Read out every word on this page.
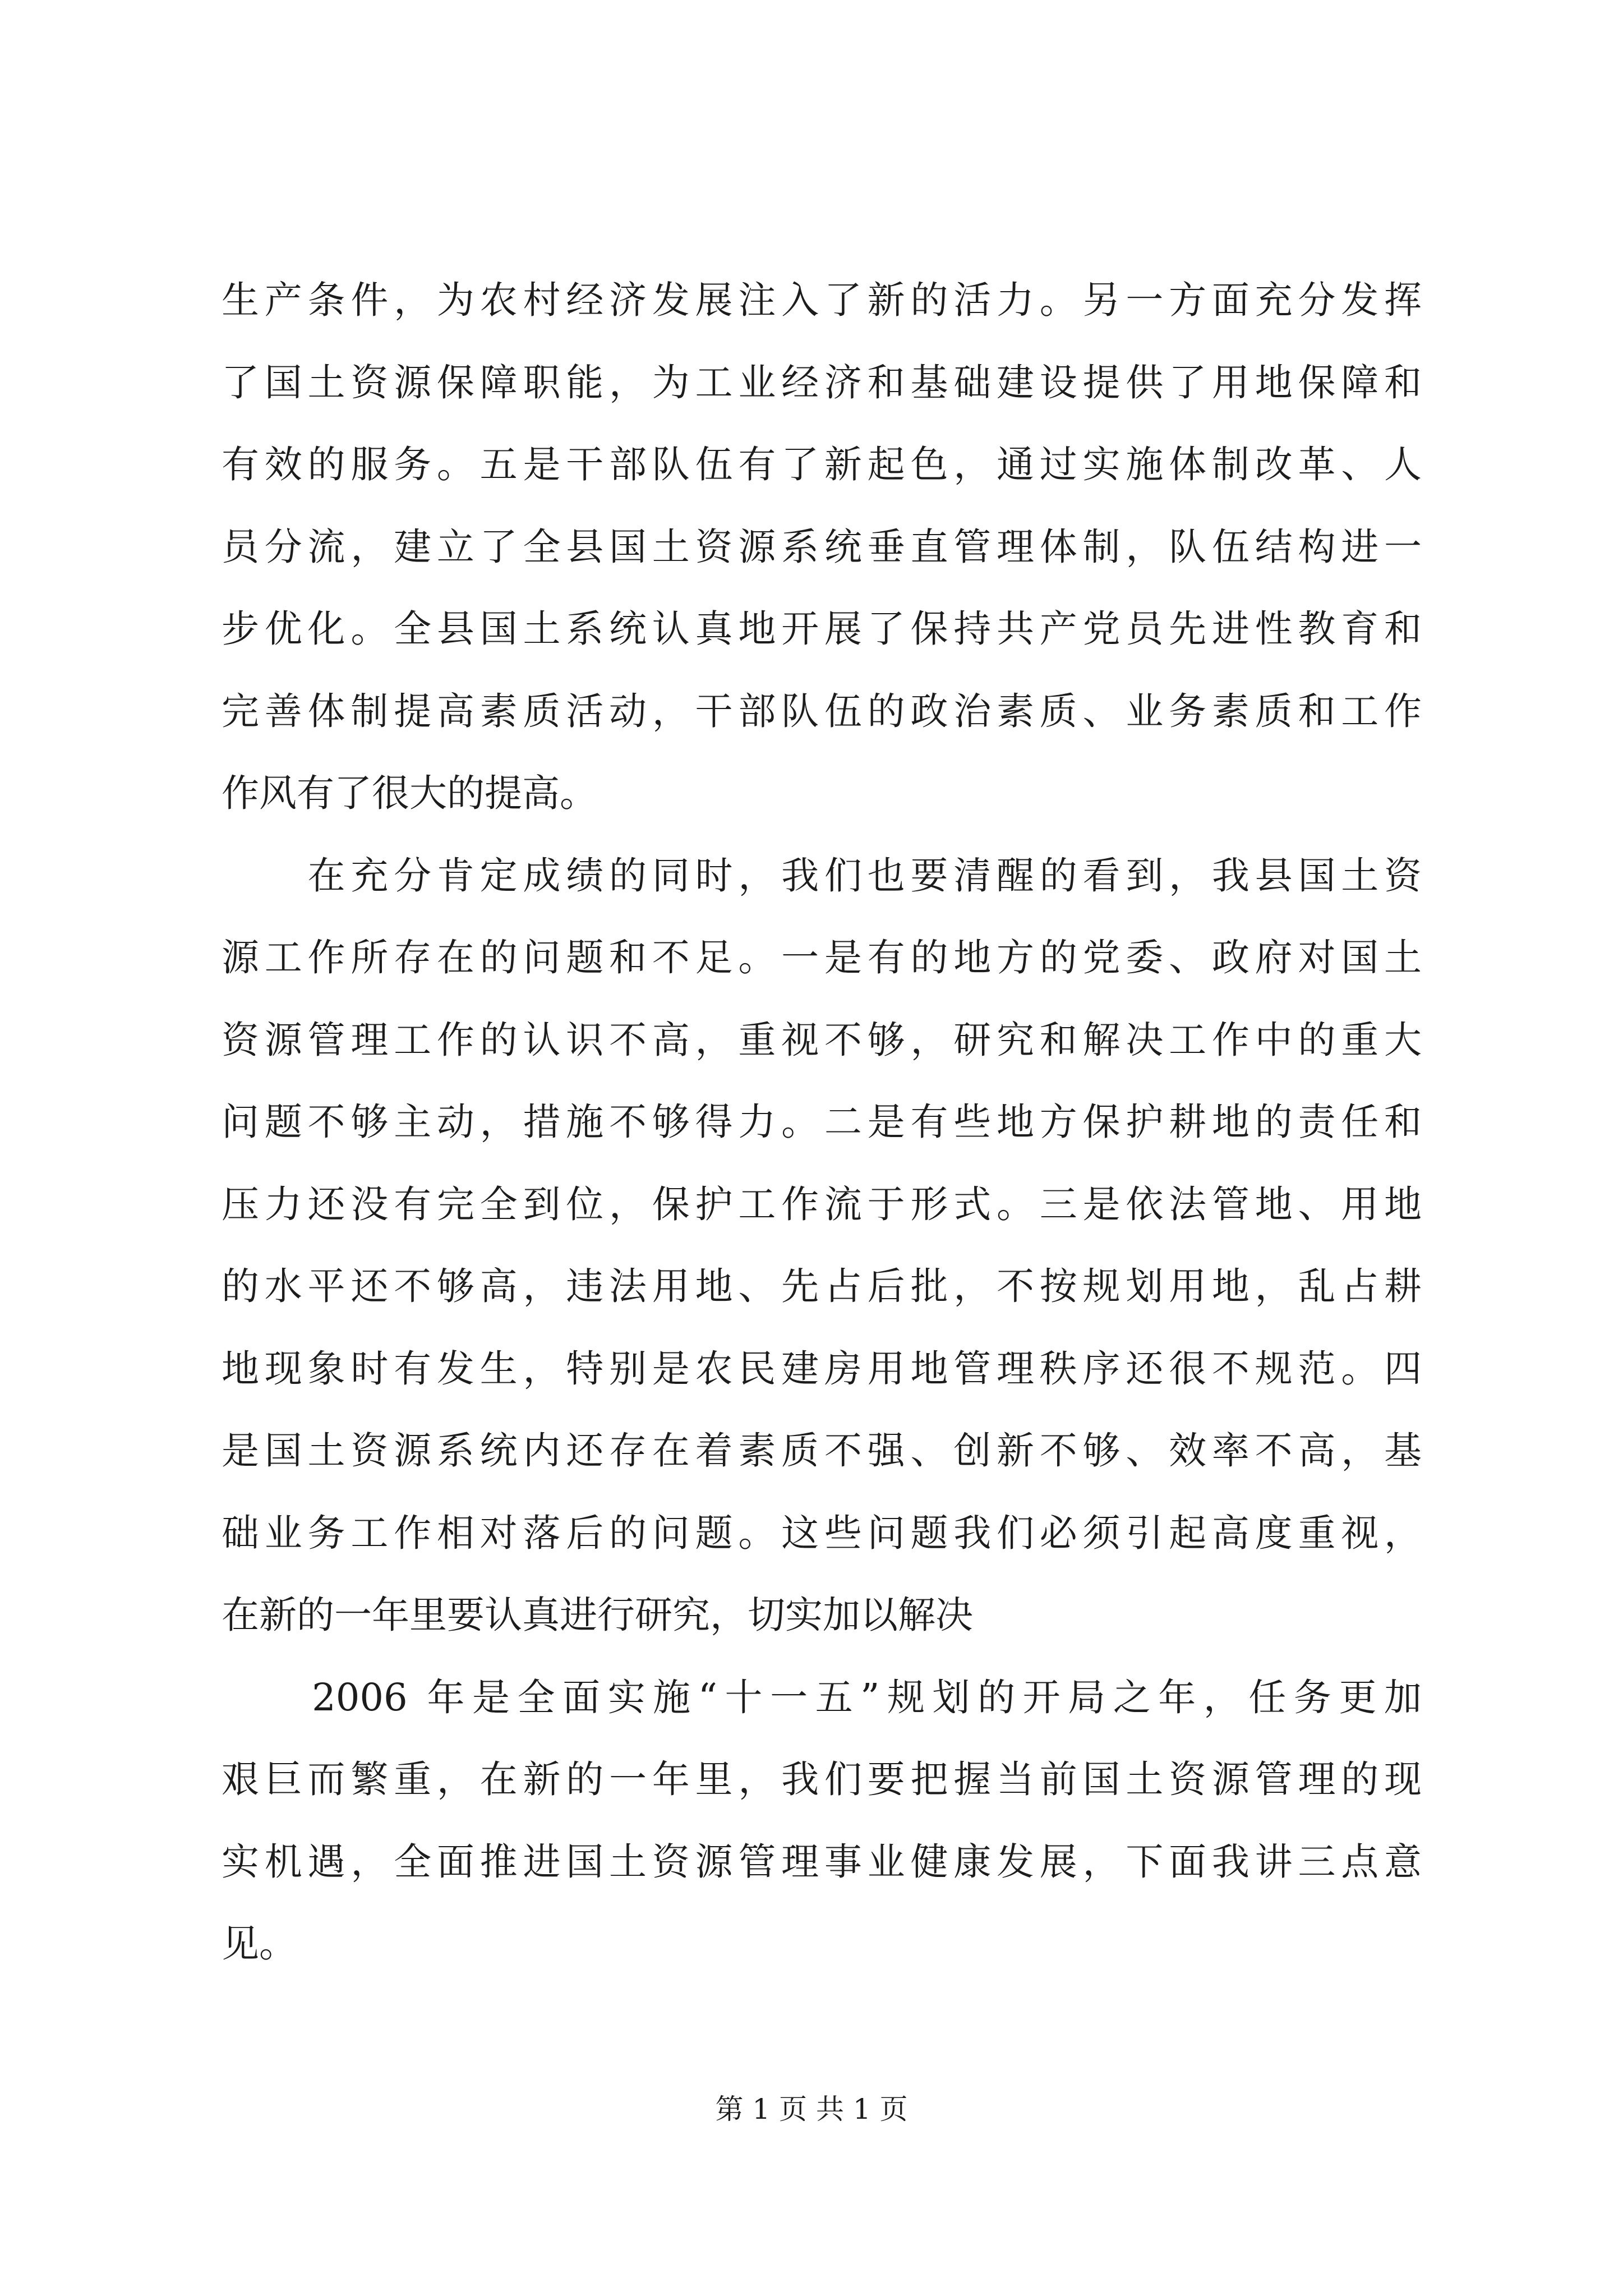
生产条件，为农村经济发展注入了新的活力。另一方面充分发挥
了国土资源保障职能，为工业经济和基础建设提供了用地保障和
有效的服务。五是干部队伍有了新起色，通过实施体制改革、人
员分流，建立了全县国土资源系统垂直管理体制，队伍结构进一
步优化。全县国土系统认真地开展了保持共产党员先进性教育和
完善体制提高素质活动，干部队伍的政治素质、业务素质和工作
作风有了很大的提高。
　　在充分肯定成绩的同时，我们也要清醒的看到，我县国土资
源工作所存在的问题和不足。一是有的地方的党委、政府对国土
资源管理工作的认识不高，重视不够，研究和解决工作中的重大
问题不够主动，措施不够得力。二是有些地方保护耕地的责任和
压力还没有完全到位，保护工作流于形式。三是依法管地、用地
的水平还不够高，违法用地、先占后批，不按规划用地，乱占耕
地现象时有发生，特别是农民建房用地管理秩序还很不规范。四
是国土资源系统内还存在着素质不强、创新不够、效率不高，基
础业务工作相对落后的问题。这些问题我们必须引起高度重视，
在新的一年里要认真进行研究，切实加以解决
　　2006 年是全面实施“十一五”规划的开局之年，任务更加
艰巨而繁重，在新的一年里，我们要把握当前国土资源管理的现
实机遇，全面推进国土资源管理事业健康发展，下面我讲三点意
见。
第 1 页 共 1 页
